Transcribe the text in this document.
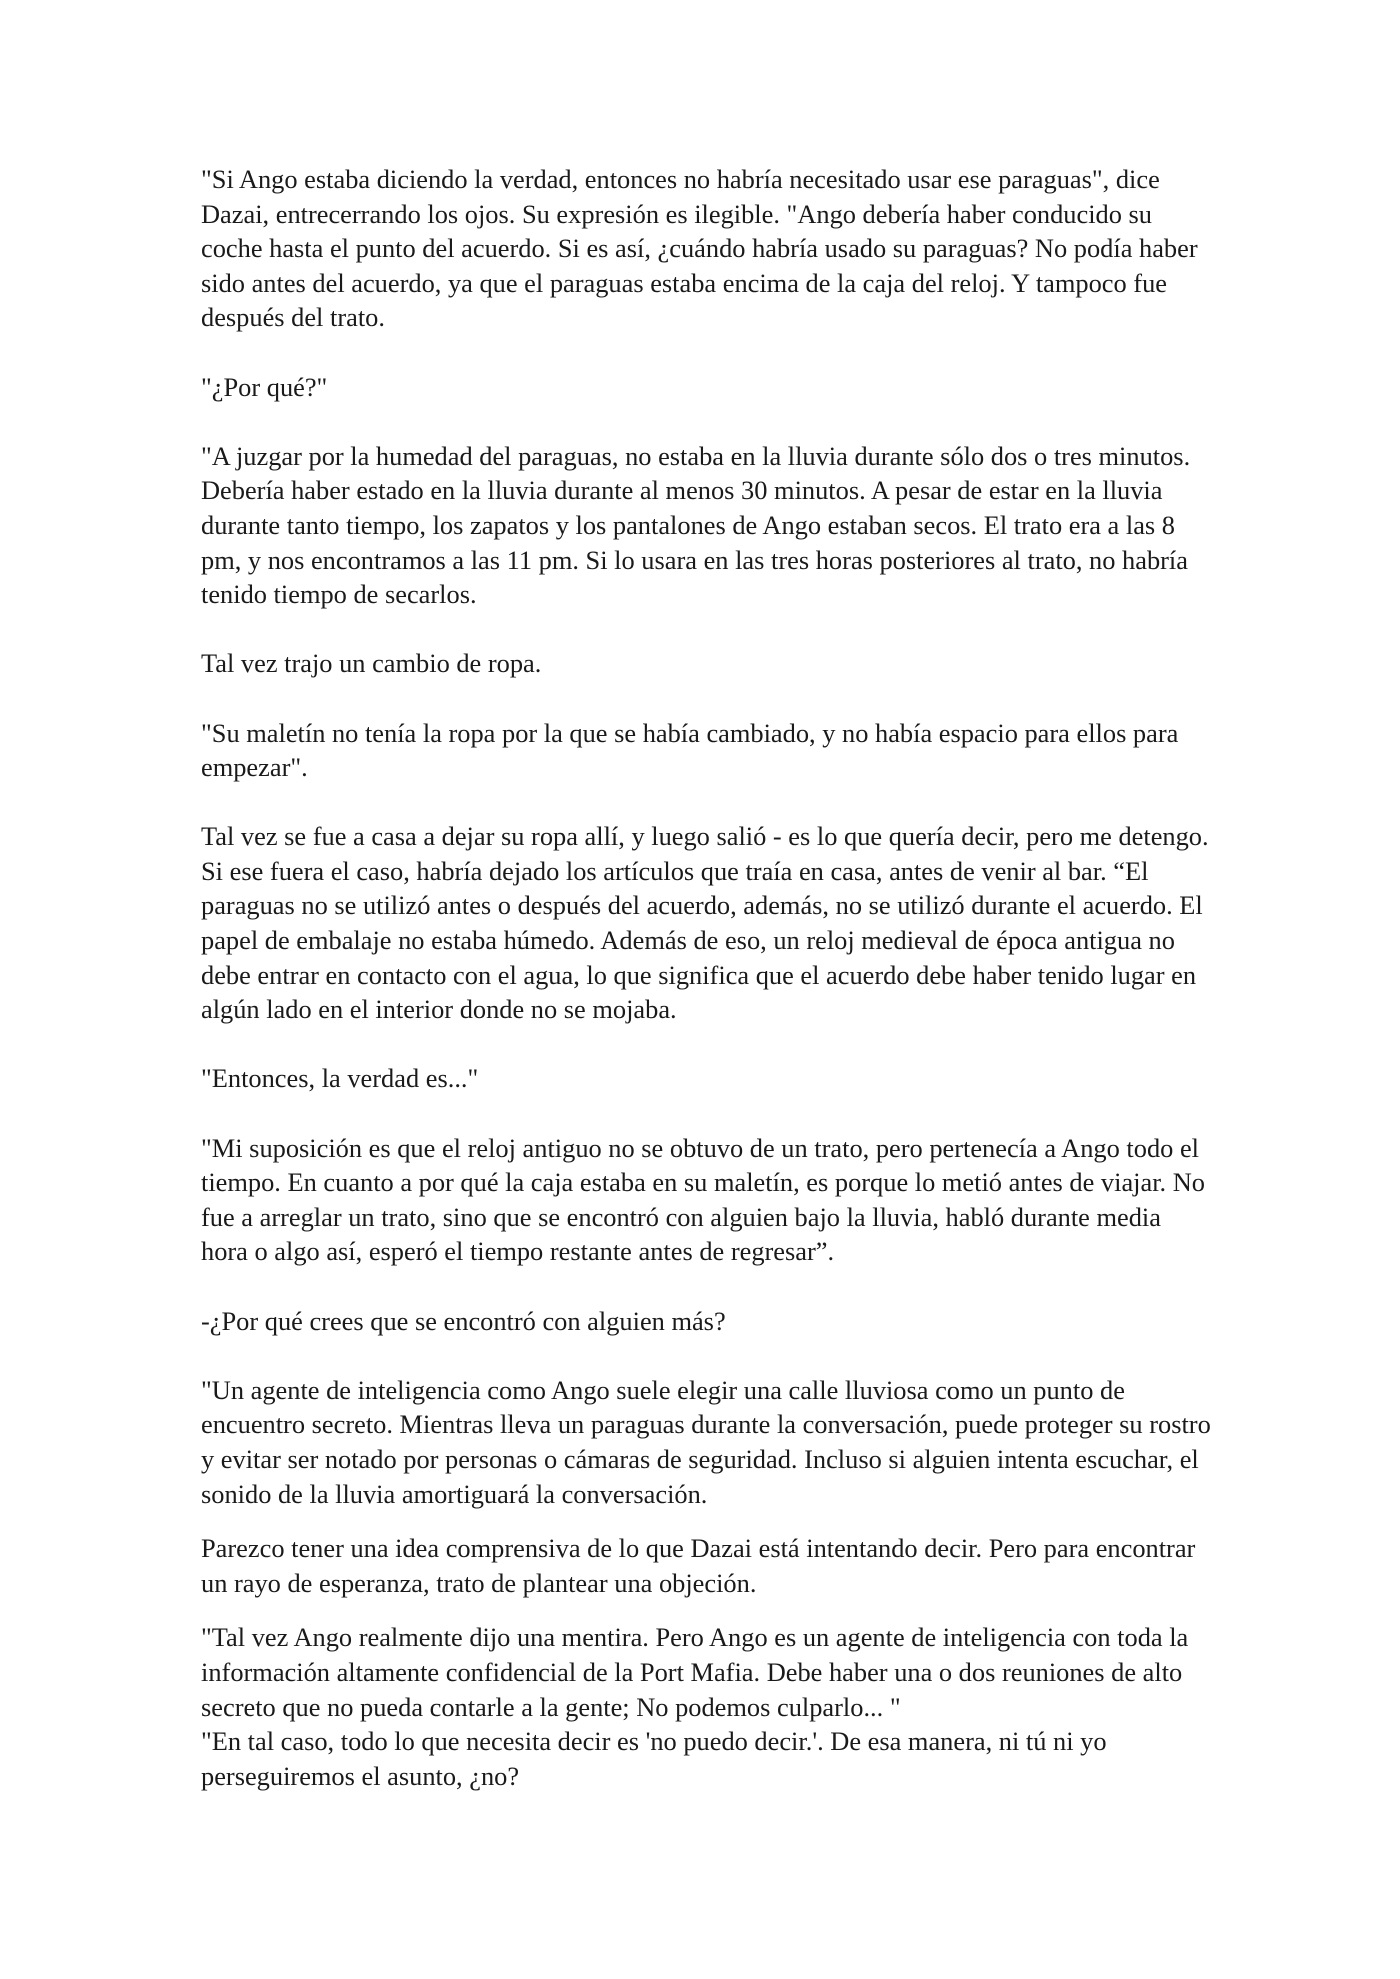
"Si Ango estaba diciendo la verdad, entonces no habría necesitado usar ese paraguas", dice Dazai, entrecerrando los ojos. Su expresión es ilegible. "Ango debería haber conducido su coche hasta el punto del acuerdo. Si es así, ¿cuándo habría usado su paraguas? No podía haber sido antes del acuerdo, ya que el paraguas estaba encima de la caja del reloj. Y tampoco fue después del trato.

"¿Por qué?"

"A juzgar por la humedad del paraguas, no estaba en la lluvia durante sólo dos o tres minutos. Debería haber estado en la lluvia durante al menos 30 minutos. A pesar de estar en la lluvia durante tanto tiempo, los zapatos y los pantalones de Ango estaban secos. El trato era a las 8 pm, y nos encontramos a las 11 pm. Si lo usara en las tres horas posteriores al trato, no habría tenido tiempo de secarlos.

Tal vez trajo un cambio de ropa.

"Su maletín no tenía la ropa por la que se había cambiado, y no había espacio para ellos para empezar".

Tal vez se fue a casa a dejar su ropa allí, y luego salió - es lo que quería decir, pero me detengo. Si ese fuera el caso, habría dejado los artículos que traía en casa, antes de venir al bar. “El paraguas no se utilizó antes o después del acuerdo, además, no se utilizó durante el acuerdo. El papel de embalaje no estaba húmedo. Además de eso, un reloj medieval de época antigua no debe entrar en contacto con el agua, lo que significa que el acuerdo debe haber tenido lugar en algún lado en el interior donde no se mojaba.

"Entonces, la verdad es..."

"Mi suposición es que el reloj antiguo no se obtuvo de un trato, pero pertenecía a Ango todo el tiempo. En cuanto a por qué la caja estaba en su maletín, es porque lo metió antes de viajar. No fue a arreglar un trato, sino que se encontró con alguien bajo la lluvia, habló durante media hora o algo así, esperó el tiempo restante antes de regresar”.

-¿Por qué crees que se encontró con alguien más?

"Un agente de inteligencia como Ango suele elegir una calle lluviosa como un punto de encuentro secreto. Mientras lleva un paraguas durante la conversación, puede proteger su rostro y evitar ser notado por personas o cámaras de seguridad. Incluso si alguien intenta escuchar, el sonido de la lluvia amortiguará la conversación.

Parezco tener una idea comprensiva de lo que Dazai está intentando decir. Pero para encontrar un rayo de esperanza, trato de plantear una objeción.

"Tal vez Ango realmente dijo una mentira. Pero Ango es un agente de inteligencia con toda la información altamente confidencial de la Port Mafia. Debe haber una o dos reuniones de alto secreto que no pueda contarle a la gente; No podemos culparlo... "

"En tal caso, todo lo que necesita decir es 'no puedo decir.'. De esa manera, ni tú ni yo perseguiremos el asunto, ¿no?
